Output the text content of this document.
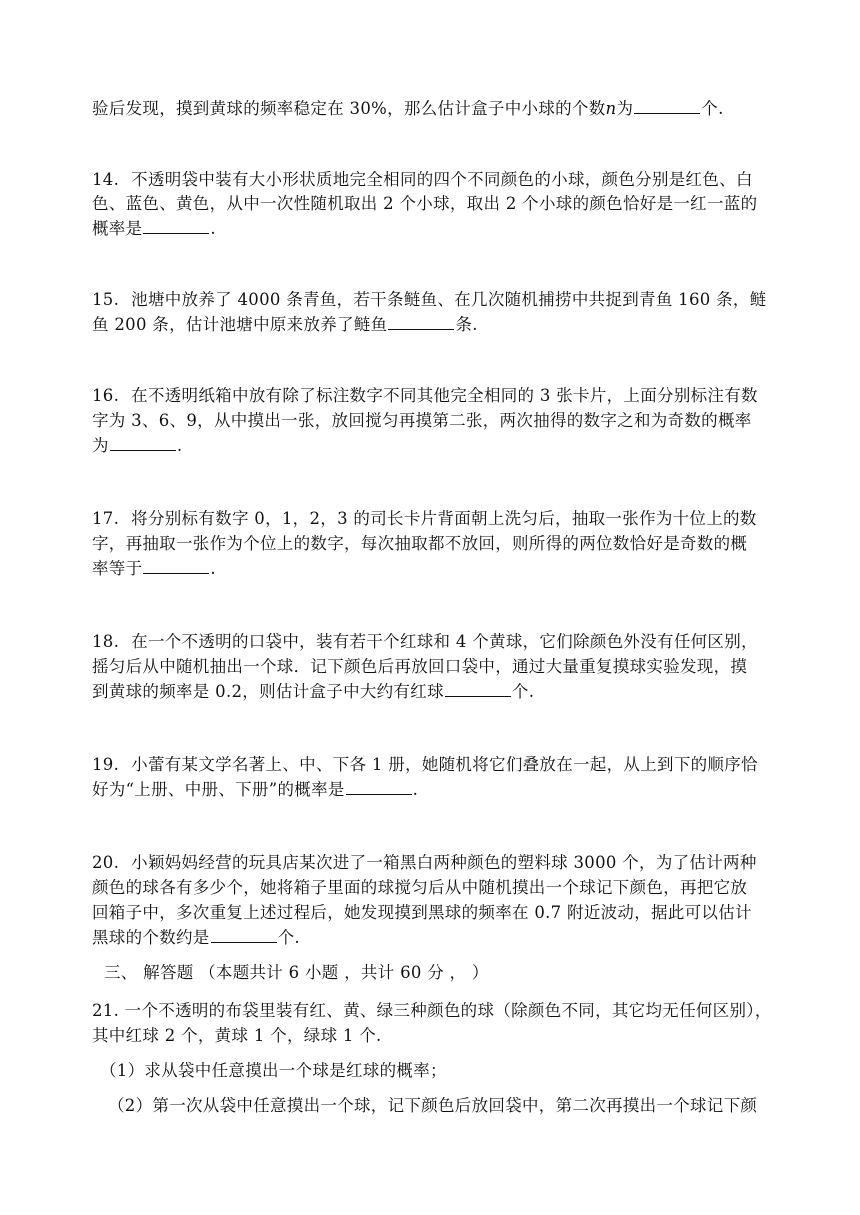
验后发现，摸到黄球的频率稳定在 30%，那么估计盒子中小球的个数n为	个.
14. 不透明袋中装有大小形状质地完全相同的四个不同颜色的小球，颜色分别是红色、白
色、蓝色、黄色，从中一次性随机取出 2 个小球，取出 2 个小球的颜色恰好是一红一蓝的
概率是	.
15. 池塘中放养了 4000 条青鱼，若干条鲢鱼、在几次随机捕捞中共捉到青鱼 160 条，鲢
鱼 200 条，估计池塘中原来放养了鲢鱼	条.
16. 在不透明纸箱中放有除了标注数字不同其他完全相同的 3 张卡片，上面分别标注有数
字为 3、6、9，从中摸出一张，放回搅匀再摸第二张，两次抽得的数字之和为奇数的概率
为	.
17. 将分别标有数字 0，1，2，3 的司长卡片背面朝上洗匀后，抽取一张作为十位上的数
字，再抽取一张作为个位上的数字，每次抽取都不放回，则所得的两位数恰好是奇数的概
率等于	.
18. 在一个不透明的口袋中，装有若干个红球和 4 个黄球，它们除颜色外没有任何区别，
摇匀后从中随机抽出一个球．记下颜色后再放回口袋中，通过大量重复摸球实验发现，摸
到黄球的频率是 0.2，则估计盒子中大约有红球	个.
19. 小蕾有某文学名著上、中、下各 1 册，她随机将它们叠放在一起，从上到下的顺序恰
好为“上册、中册、下册”的概率是	.
20. 小颖妈妈经营的玩具店某次进了一箱黑白两种颜色的塑料球 3000 个，为了估计两种
颜色的球各有多少个，她将箱子里面的球搅匀后从中随机摸出一个球记下颜色，再把它放
回箱子中，多次重复上述过程后，她发现摸到黑球的频率在 0.7 附近波动，据此可以估计
黑球的个数约是	个.
三、 解答题 （本题共计 6 小题 ，共计 60 分 ， ）
21. 一个不透明的布袋里装有红、黄、绿三种颜色的球（除颜色不同，其它均无任何区别），
其中红球 2 个，黄球 1 个，绿球 1 个.
（1）求从袋中任意摸出一个球是红球的概率；
（2）第一次从袋中任意摸出一个球，记下颜色后放回袋中，第二次再摸出一个球记下颜
